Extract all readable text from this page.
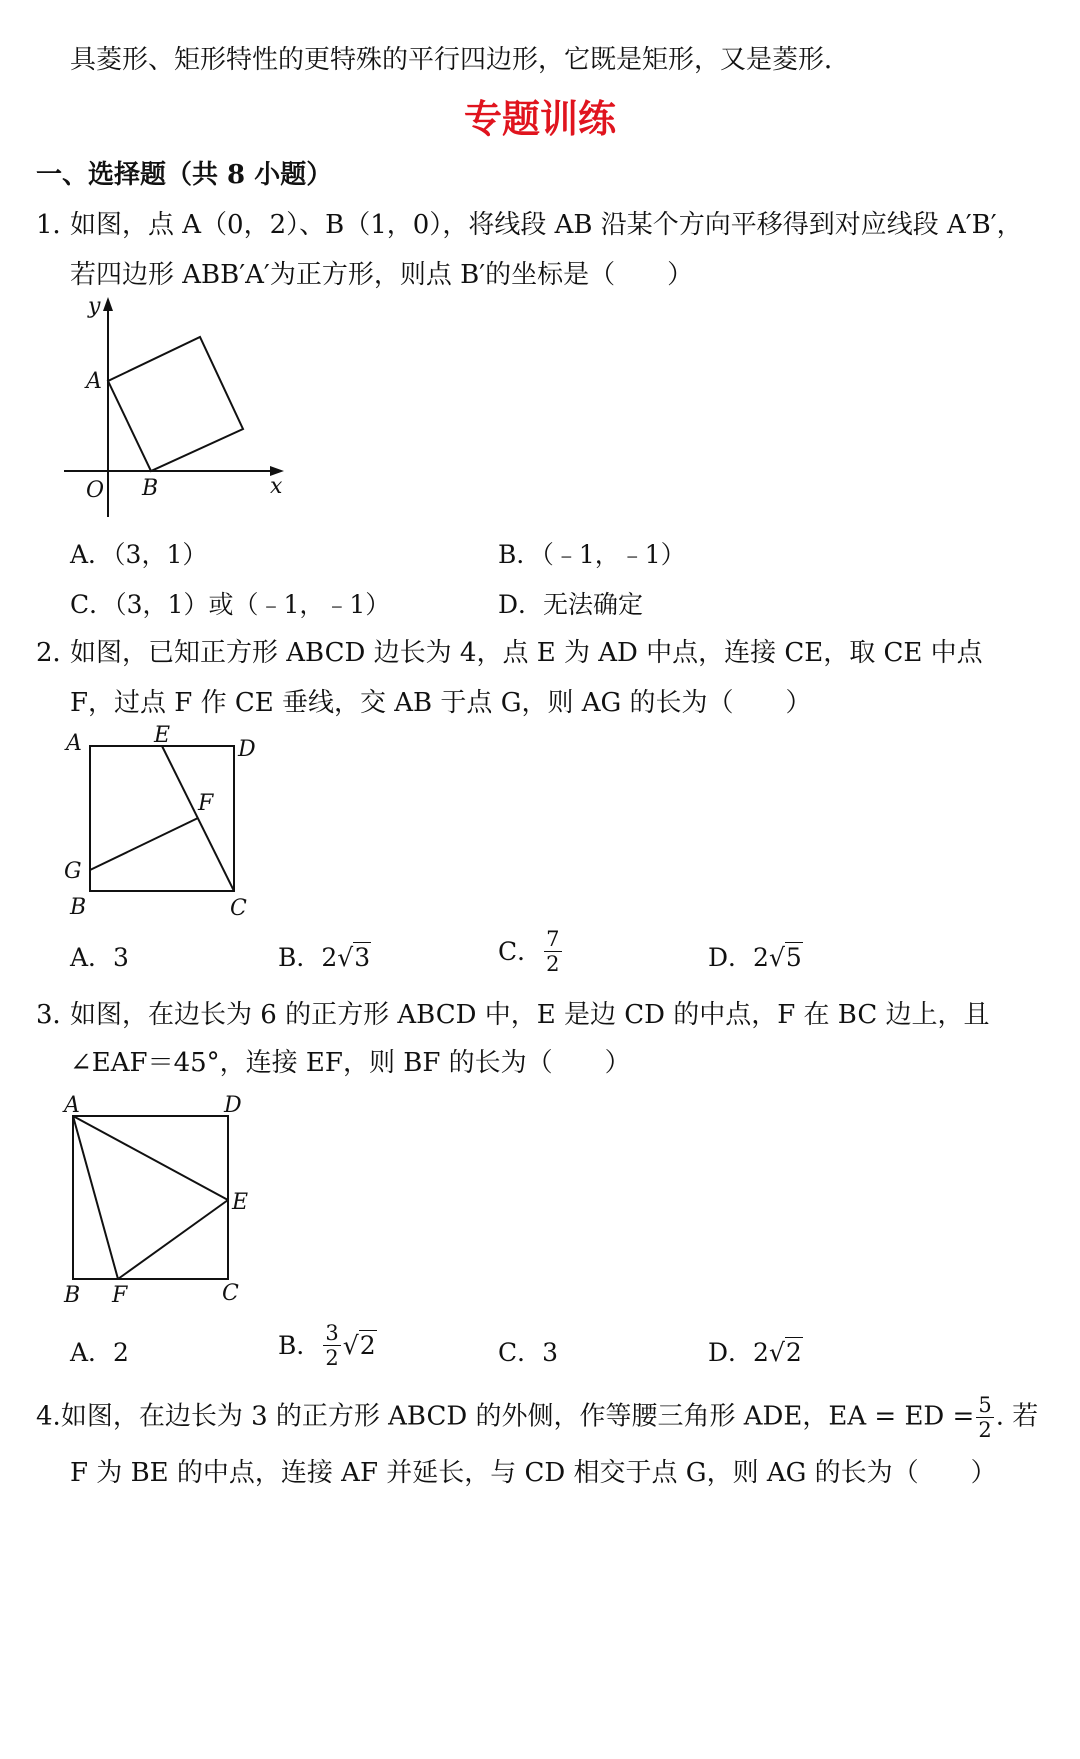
具菱形、矩形特性的更特殊的平行四边形，它既是矩形，又是菱形．
专题训练
一、选择题（共 8 小题）
1．
如图，点 A（0，2）、B（1，0），将线段 AB 沿某个方向平移得到对应线段 A′B′，
若四边形 ABB′A′为正方形，则点 B′的坐标是（　　）
y
x
O
A
B
A．（3，1）	B．（﹣1，﹣1）
C．（3，1）或（﹣1，﹣1）	D．无法确定
2．
如图，已知正方形 ABCD 边长为 4，点 E 为 AD 中点，连接 CE，取 CE 中点
F，过点 F 作 CE 垂线，交 AB 于点 G，则 AG 的长为（　　）
A	E
D
F
G
B	C
A．3	B．2√3	C． $\frac{7}{2}$	D．2√5
3．
如图，在边长为 6 的正方形 ABCD 中，E 是边 CD 的中点，F 在 BC 边上，且
∠EAF＝45°，连接 EF，则 BF 的长为（　　）
A	D
E
B F	C
A．2	B． $\frac{3}{2} √2$	C．3	D．2√2
4.如图，在边长为 3 的正方形 ABCD 的外侧，作等腰三角形 ADE，EA = ED = $\frac{5}{2}$ . 若
F 为 BE 的中点，连接 AF 并延长，与 CD 相交于点 G，则 AG 的长为（　　）
